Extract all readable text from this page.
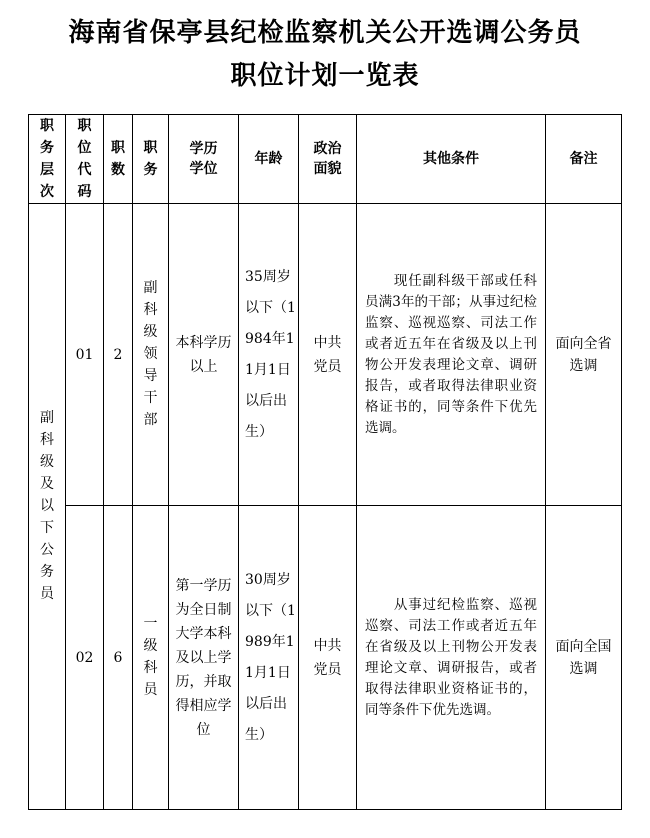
海南省保亭县纪检监察机关公开选调公务员
职位计划一览表
职务层次	职位代码	职数	职务	学历学位	年龄	政治面貌	其他条件	备注
副科级及以下公务员	01	2	副科级领导干部	本科学历以上	35周岁以下（1984年11月1日以后出生）	中共党员	　　现任副科级干部或任科员满3年的干部；从事过纪检监察、巡视巡察、司法工作或者近五年在省级及以上刊物公开发表理论文章、调研报告，或者取得法律职业资格证书的，同等条件下优先选调。	面向全省选调
	02	6	一级科员	第一学历为全日制大学本科及以上学历，并取得相应学位	30周岁以下（1989年11月1日以后出生）	中共党员	　　从事过纪检监察、巡视巡察、司法工作或者近五年在省级及以上刊物公开发表理论文章、调研报告，或者取得法律职业资格证书的，同等条件下优先选调。	面向全国选调
